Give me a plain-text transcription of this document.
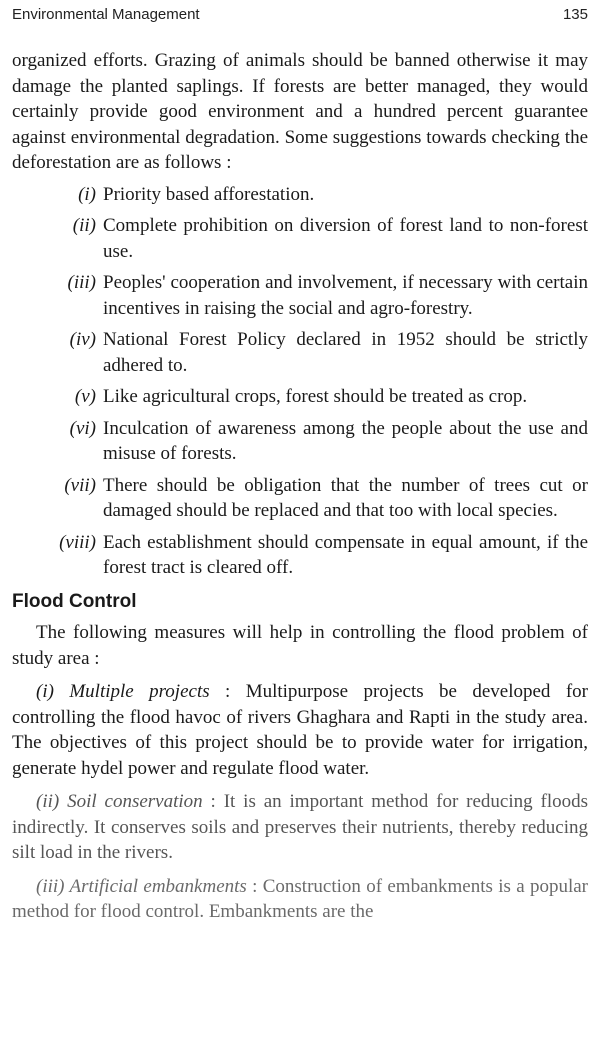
Environmental Management	135

organized efforts. Grazing of animals should be banned otherwise it may damage the planted saplings. If forests are better managed, they would certainly provide good environment and a hundred percent guarantee against environmental degradation. Some suggestions towards checking the deforestation are as follows :

(i) Priority based afforestation.
(ii) Complete prohibition on diversion of forest land to non-forest use.
(iii) Peoples' cooperation and involvement, if necessary with certain incentives in raising the social and agro-forestry.
(iv) National Forest Policy declared in 1952 should be strictly adhered to.
(v) Like agricultural crops, forest should be treated as crop.
(vi) Inculcation of awareness among the people about the use and misuse of forests.
(vii) There should be obligation that the number of trees cut or damaged should be replaced and that too with local species.
(viii) Each establishment should compensate in equal amount, if the forest tract is cleared off.
Flood Control

The following measures will help in controlling the flood problem of study area :

(i) Multiple projects : Multipurpose projects be developed for controlling the flood havoc of rivers Ghaghara and Rapti in the study area. The objectives of this project should be to provide water for irrigation, generate hydel power and regulate flood water.

(ii) Soil conservation : It is an important method for reducing floods indirectly. It conserves soils and preserves their nutrients, thereby reducing silt load in the rivers.

(iii) Artificial embankments : Construction of embankments is a popular method for flood control. Embankments are the
